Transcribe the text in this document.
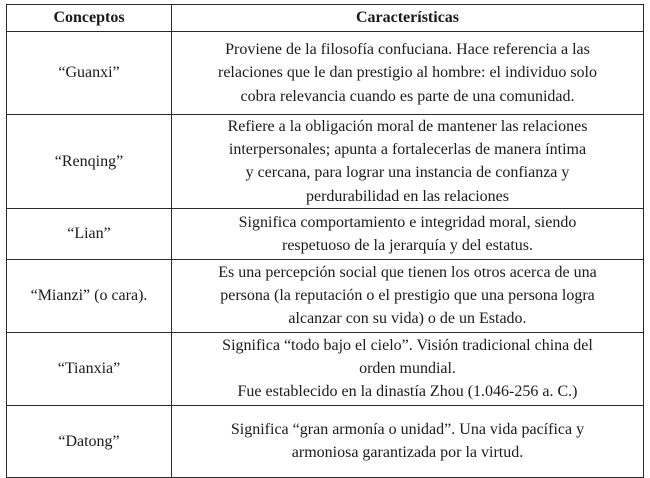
Conceptos	Características
“Guanxi”	Proviene de la filosofía confuciana. Hace referencia a las
relaciones que le dan prestigio al hombre: el individuo solo
cobra relevancia cuando es parte de una comunidad.

“Renqing”	Refiere a la obligación moral de mantener las relaciones
interpersonales; apunta a fortalecerlas de manera íntima
y cercana, para lograr una instancia de confianza y
perdurabilidad en las relaciones

“Lian”	Significa comportamiento e integridad moral, siendo
respetuoso de la jerarquía y del estatus.

“Mianzi” (o cara).	Es una percepción social que tienen los otros acerca de una
persona (la reputación o el prestigio que una persona logra
alcanzar con su vida) o de un Estado.

“Tianxia”	Significa “todo bajo el cielo”. Visión tradicional china del
orden mundial.
Fue establecido en la dinastía Zhou (1.046-256 a. C.)

“Datong”	Significa “gran armonía o unidad”. Una vida pacífica y
armoniosa garantizada por la virtud.
